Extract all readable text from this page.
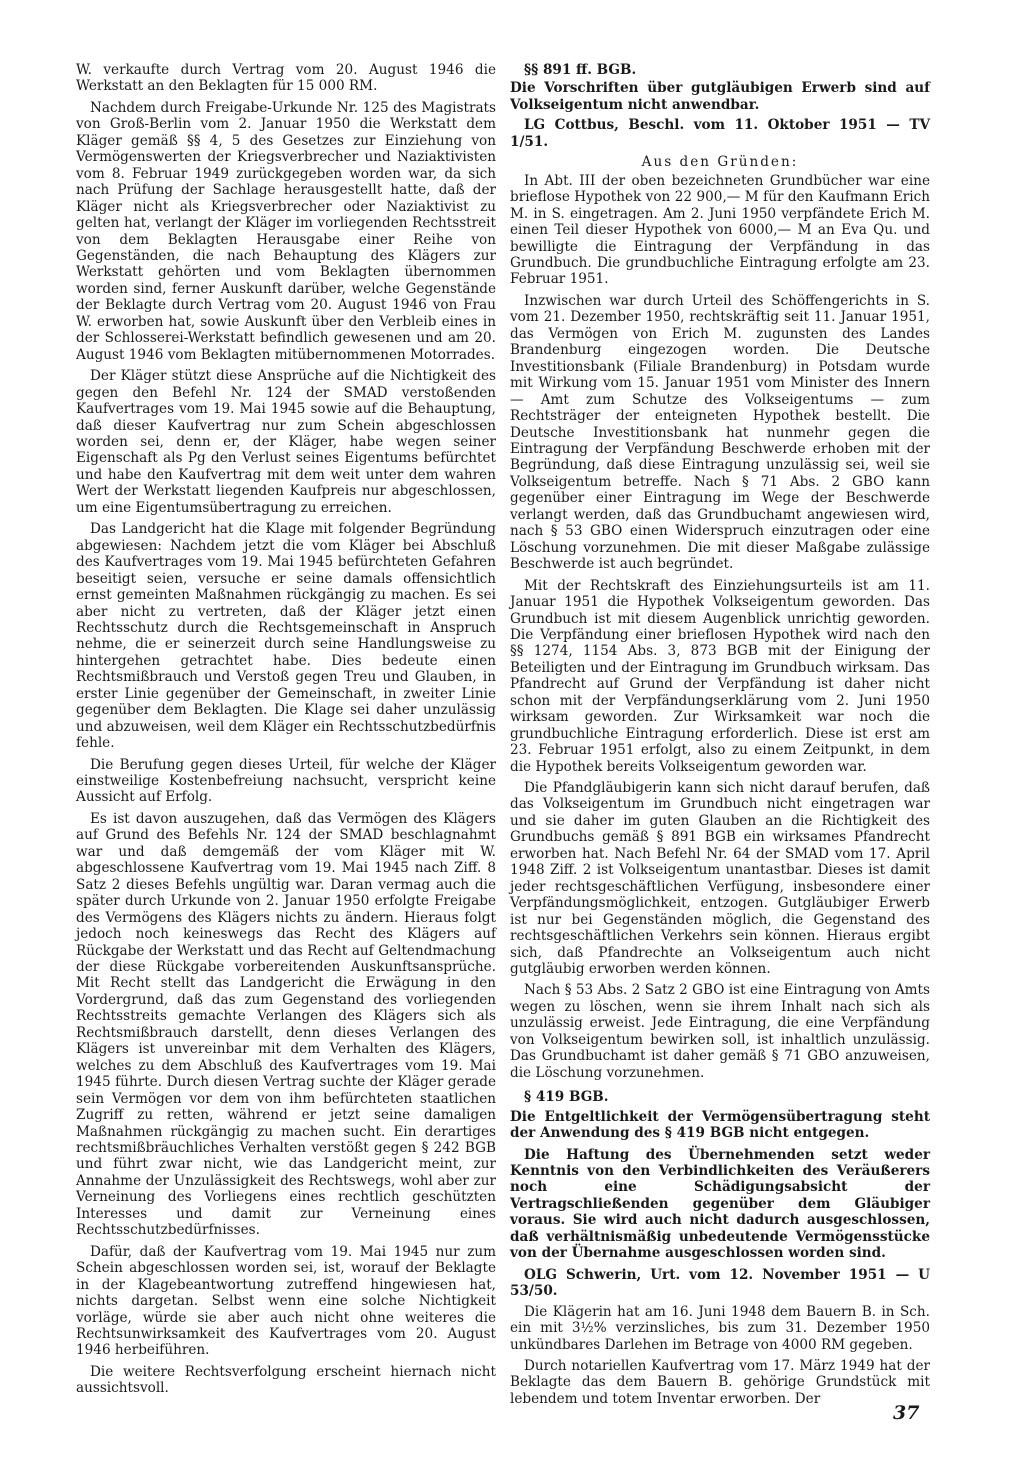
W. verkaufte durch Vertrag vom 20. August 1946 die Werkstatt an den Beklagten für 15 000 RM.

Nachdem durch Freigabe-Urkunde Nr. 125 des Magistrats von Groß-Berlin vom 2. Januar 1950 die Werkstatt dem Kläger gemäß §§ 4, 5 des Gesetzes zur Einziehung von Vermögenswerten der Kriegsverbrecher und Naziaktivisten vom 8. Februar 1949 zurückgegeben worden war, da sich nach Prüfung der Sachlage herausgestellt hatte, daß der Kläger nicht als Kriegsverbrecher oder Naziaktivist zu gelten hat, verlangt der Kläger im vorliegenden Rechtsstreit von dem Beklagten Herausgabe einer Reihe von Gegenständen, die nach Behauptung des Klägers zur Werkstatt gehörten und vom Beklagten übernommen worden sind, ferner Auskunft darüber, welche Gegenstände der Beklagte durch Vertrag vom 20. August 1946 von Frau W. erworben hat, sowie Auskunft über den Verbleib eines in der Schlosserei-Werkstatt befindlich gewesenen und am 20. August 1946 vom Beklagten mitübernommenen Motorrades.

Der Kläger stützt diese Ansprüche auf die Nichtigkeit des gegen den Befehl Nr. 124 der SMAD verstoßenden Kaufvertrages vom 19. Mai 1945 sowie auf die Behauptung, daß dieser Kaufvertrag nur zum Schein abgeschlossen worden sei, denn er, der Kläger, habe wegen seiner Eigenschaft als Pg den Verlust seines Eigentums befürchtet und habe den Kaufvertrag mit dem weit unter dem wahren Wert der Werkstatt liegenden Kaufpreis nur abgeschlossen, um eine Eigentumsübertragung zu erreichen.

Das Landgericht hat die Klage mit folgender Begründung abgewiesen: Nachdem jetzt die vom Kläger bei Abschluß des Kaufvertrages vom 19. Mai 1945 befürchteten Gefahren beseitigt seien, versuche er seine damals offensichtlich ernst gemeinten Maßnahmen rückgängig zu machen. Es sei aber nicht zu vertreten, daß der Kläger jetzt einen Rechtsschutz durch die Rechtsgemeinschaft in Anspruch nehme, die er seinerzeit durch seine Handlungsweise zu hintergehen getrachtet habe. Dies bedeute einen Rechtsmißbrauch und Verstoß gegen Treu und Glauben, in erster Linie gegenüber der Gemeinschaft, in zweiter Linie gegenüber dem Beklagten. Die Klage sei daher unzulässig und abzuweisen, weil dem Kläger ein Rechtsschutzbedürfnis fehle.

Die Berufung gegen dieses Urteil, für welche der Kläger einstweilige Kostenbefreiung nachsucht, verspricht keine Aussicht auf Erfolg.

Es ist davon auszugehen, daß das Vermögen des Klägers auf Grund des Befehls Nr. 124 der SMAD beschlagnahmt war und daß demgemäß der vom Kläger mit W. abgeschlossene Kaufvertrag vom 19. Mai 1945 nach Ziff. 8 Satz 2 dieses Befehls ungültig war. Daran vermag auch die später durch Urkunde von 2. Januar 1950 erfolgte Freigabe des Vermögens des Klägers nichts zu ändern. Hieraus folgt jedoch noch keineswegs das Recht des Klägers auf Rückgabe der Werkstatt und das Recht auf Geltendmachung der diese Rückgabe vorbereitenden Auskunftsansprüche. Mit Recht stellt das Landgericht die Erwägung in den Vordergrund, daß das zum Gegenstand des vorliegenden Rechtsstreits gemachte Verlangen des Klägers sich als Rechtsmißbrauch darstellt, denn dieses Verlangen des Klägers ist unvereinbar mit dem Verhalten des Klägers, welches zu dem Abschluß des Kaufvertrages vom 19. Mai 1945 führte. Durch diesen Vertrag suchte der Kläger gerade sein Vermögen vor dem von ihm befürchteten staatlichen Zugriff zu retten, während er jetzt seine damaligen Maßnahmen rückgängig zu machen sucht. Ein derartiges rechtsmißbräuchliches Verhalten verstößt gegen § 242 BGB und führt zwar nicht, wie das Landgericht meint, zur Annahme der Unzulässigkeit des Rechtswegs, wohl aber zur Verneinung des Vorliegens eines rechtlich geschützten Interesses und damit zur Verneinung eines Rechtsschutzbedürfnisses.

Dafür, daß der Kaufvertrag vom 19. Mai 1945 nur zum Schein abgeschlossen worden sei, ist, worauf der Beklagte in der Klagebeantwortung zutreffend hingewiesen hat, nichts dargetan. Selbst wenn eine solche Nichtigkeit vorläge, würde sie aber auch nicht ohne weiteres die Rechtsunwirksamkeit des Kaufvertrages vom 20. August 1946 herbeiführen.

Die weitere Rechtsverfolgung erscheint hiernach nicht aussichtsvoll.

§§ 891 ff. BGB.
Die Vorschriften über gutgläubigen Erwerb sind auf Volkseigentum nicht anwendbar.
LG Cottbus, Beschl. vom 11. Oktober 1951 — TV 1/51.
Aus den Gründen:

In Abt. III der oben bezeichneten Grundbücher war eine brieflose Hypothek von 22 900,— M für den Kaufmann Erich M. in S. eingetragen. Am 2. Juni 1950 verpfändete Erich M. einen Teil dieser Hypothek von 6000,— M an Eva Qu. und bewilligte die Eintragung der Verpfändung in das Grundbuch. Die grundbuchliche Eintragung erfolgte am 23. Februar 1951.

Inzwischen war durch Urteil des Schöffengerichts in S. vom 21. Dezember 1950, rechtskräftig seit 11. Januar 1951, das Vermögen von Erich M. zugunsten des Landes Brandenburg eingezogen worden. Die Deutsche Investitionsbank (Filiale Brandenburg) in Potsdam wurde mit Wirkung vom 15. Januar 1951 vom Minister des Innern — Amt zum Schutze des Volkseigentums — zum Rechtsträger der enteigneten Hypothek bestellt. Die Deutsche Investitionsbank hat nunmehr gegen die Eintragung der Verpfändung Beschwerde erhoben mit der Begründung, daß diese Eintragung unzulässig sei, weil sie Volkseigentum betreffe. Nach § 71 Abs. 2 GBO kann gegenüber einer Eintragung im Wege der Beschwerde verlangt werden, daß das Grundbuchamt angewiesen wird, nach § 53 GBO einen Widerspruch einzutragen oder eine Löschung vorzunehmen. Die mit dieser Maßgabe zulässige Beschwerde ist auch begründet.

Mit der Rechtskraft des Einziehungsurteils ist am 11. Januar 1951 die Hypothek Volkseigentum geworden. Das Grundbuch ist mit diesem Augenblick unrichtig geworden. Die Verpfändung einer brieflosen Hypothek wird nach den §§ 1274, 1154 Abs. 3, 873 BGB mit der Einigung der Beteiligten und der Eintragung im Grundbuch wirksam. Das Pfandrecht auf Grund der Verpfändung ist daher nicht schon mit der Verpfändungserklärung vom 2. Juni 1950 wirksam geworden. Zur Wirksamkeit war noch die grundbuchliche Eintragung erforderlich. Diese ist erst am 23. Februar 1951 erfolgt, also zu einem Zeitpunkt, in dem die Hypothek bereits Volkseigentum geworden war.

Die Pfandgläubigerin kann sich nicht darauf berufen, daß das Volkseigentum im Grundbuch nicht eingetragen war und sie daher im guten Glauben an die Richtigkeit des Grundbuchs gemäß § 891 BGB ein wirksames Pfandrecht erworben hat. Nach Befehl Nr. 64 der SMAD vom 17. April 1948 Ziff. 2 ist Volkseigentum unantastbar. Dieses ist damit jeder rechtsgeschäftlichen Verfügung, insbesondere einer Verpfändungsmöglichkeit, entzogen. Gutgläubiger Erwerb ist nur bei Gegenständen möglich, die Gegenstand des rechtsgeschäftlichen Verkehrs sein können. Hieraus ergibt sich, daß Pfandrechte an Volkseigentum auch nicht gutgläubig erworben werden können.

Nach § 53 Abs. 2 Satz 2 GBO ist eine Eintragung von Amts wegen zu löschen, wenn sie ihrem Inhalt nach sich als unzulässig erweist. Jede Eintragung, die eine Verpfändung von Volkseigentum bewirken soll, ist inhaltlich unzulässig. Das Grundbuchamt ist daher gemäß § 71 GBO anzuweisen, die Löschung vorzunehmen.

§ 419 BGB.

Die Entgeltlichkeit der Vermögensübertragung steht der Anwendung des § 419 BGB nicht entgegen.

Die Haftung des Übernehmenden setzt weder Kenntnis von den Verbindlichkeiten des Veräußerers noch eine Schädigungsabsicht der Vertragschließenden gegenüber dem Gläubiger voraus. Sie wird auch nicht dadurch ausgeschlossen, daß verhältnismäßig unbedeutende Vermögensstücke von der Übernahme ausgeschlossen worden sind.

OLG Schwerin, Urt. vom 12. November 1951 — U 53/50.

Die Klägerin hat am 16. Juni 1948 dem Bauern B. in Sch. ein mit 3½% verzinsliches, bis zum 31. Dezember 1950 unkündbares Darlehen im Betrage von 4000 RM gegeben.

Durch notariellen Kaufvertrag vom 17. März 1949 hat der Beklagte das dem Bauern B. gehörige Grundstück mit lebendem und totem Inventar erworben. Der

37
